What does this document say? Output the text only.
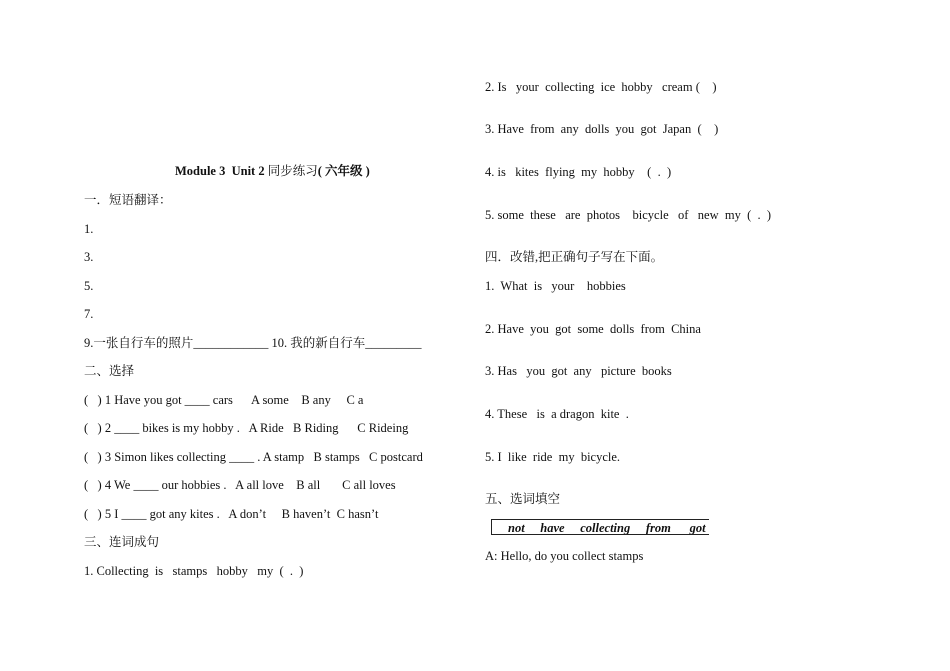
Module 3  Unit 2 同步练习( 六年级 )
一．短语翻译：
1.
3.
5.
7.
9.一张自行车的照片____________ 10. 我的新自行车_________
二、选择
(   ) 1 Have you got ____ cars      A some    B any     C a
(   ) 2 ____ bikes is my hobby .   A Ride   B Riding      C Rideing
(   ) 3 Simon likes collecting ____ . A stamp   B stamps   C postcard
(   ) 4 We ____ our hobbies .   A all love    B all       C all loves
(   ) 5 I ____ got any kites .   A don’t     B haven’t  C hasn’t
三、连词成句
1. Collecting  is   stamps   hobby   my  (  .  )
2. Is   your  collecting  ice  hobby   cream (    )
3. Have  from  any  dolls  you  got  Japan  (    )
4. is   kites  flying  my  hobby    (  .  )
5. some  these   are  photos    bicycle   of   new  my  (  .  )
四．改错,把正确句子写在下面。
1.  What  is   your    hobbies
2. Have  you  got  some  dolls  from  China
3. Has   you  got  any   picture  books
4. These   is  a dragon  kite  .
5. I  like  ride  my  bicycle.
五、选词填空
not     have     collecting     from      got
A: Hello, do you collect stamps
